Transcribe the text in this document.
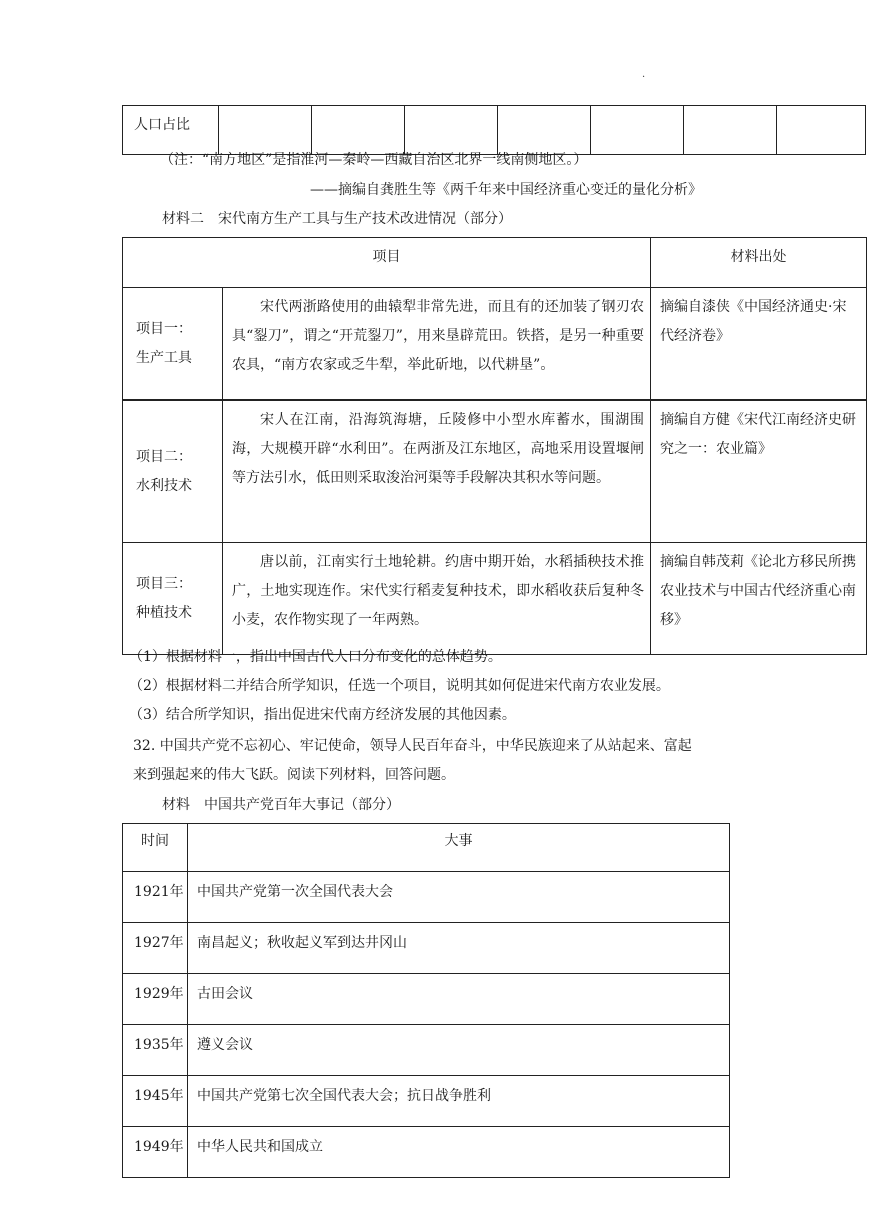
·
人口占比							
（注：“南方地区”是指淮河—秦岭—西藏自治区北界一线南侧地区。）
——摘编自龚胜生等《两千年来中国经济重心变迁的量化分析》
材料二　宋代南方生产工具与生产技术改进情况（部分）
项目		材料出处
项目一：
生产工具	宋代两浙路使用的曲辕犁非常先进，而且有的还加装了钢刃农具“銐刀”，谓之“开荒銐刀”，用来垦辟荒田。铁搭，是另一种重要农具，“南方农家或乏牛犁，举此斫地，以代耕垦”。	摘编自漆侠《中国经济通史·宋代经济卷》
项目二：
水利技术	宋人在江南，沿海筑海塘，丘陵修中小型水库蓄水，围湖围海，大规模开辟“水利田”。在两浙及江东地区，高地采用设置堰闸等方法引水，低田则采取浚治河渠等手段解决其积水等问题。	摘编自方健《宋代江南经济史研究之一：农业篇》
项目三：
种植技术	唐以前，江南实行土地轮耕。约唐中期开始，水稻插秧技术推广，土地实现连作。宋代实行稻麦复种技术，即水稻收获后复种冬小麦，农作物实现了一年两熟。	摘编自韩茂莉《论北方移民所携农业技术与中国古代经济重心南移》
（1）根据材料一，指出中国古代人口分布变化的总体趋势。
（2）根据材料二并结合所学知识，任选一个项目，说明其如何促进宋代南方农业发展。
（3）结合所学知识，指出促进宋代南方经济发展的其他因素。
32. 中国共产党不忘初心、牢记使命，领导人民百年奋斗，中华民族迎来了从站起来、富起
来到强起来的伟大飞跃。阅读下列材料，回答问题。
材料　中国共产党百年大事记（部分）
时间	大事
1921年	中国共产党第一次全国代表大会
1927年	南昌起义；秋收起义军到达井冈山
1929年	古田会议
1935年	遵义会议
1945年	中国共产党第七次全国代表大会；抗日战争胜利
1949年	中华人民共和国成立
